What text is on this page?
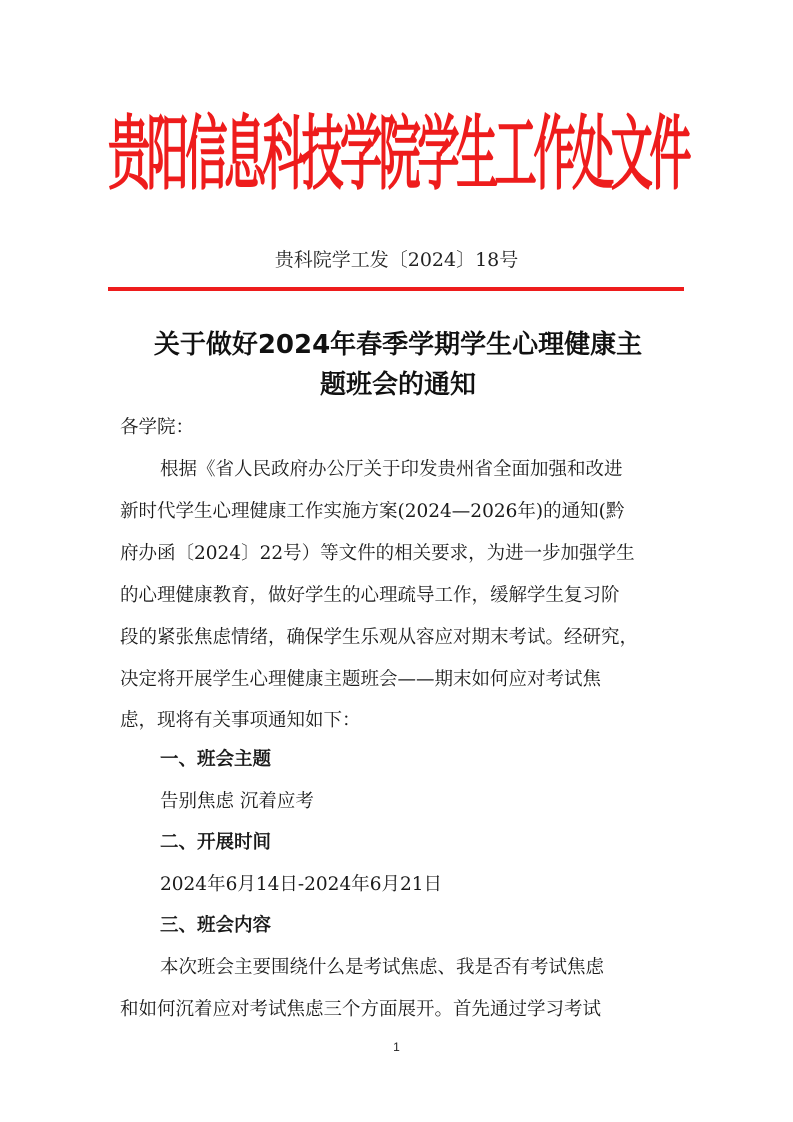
贵阳信息科技学院学生工作处文件
贵科院学工发〔2024〕18号
关于做好2024年春季学期学生心理健康主
题班会的通知
各学院：
根据《省人民政府办公厅关于印发贵州省全面加强和改进
新时代学生心理健康工作实施方案(2024—2026年)的通知(黔
府办函〔2024〕22号）等文件的相关要求，为进一步加强学生
的心理健康教育，做好学生的心理疏导工作，缓解学生复习阶
段的紧张焦虑情绪，确保学生乐观从容应对期末考试。经研究，
决定将开展学生心理健康主题班会——期末如何应对考试焦
虑，现将有关事项通知如下：
一、班会主题
告别焦虑 沉着应考
二、开展时间
2024年6月14日-2024年6月21日
三、班会内容
本次班会主要围绕什么是考试焦虑、我是否有考试焦虑
和如何沉着应对考试焦虑三个方面展开。首先通过学习考试
1
